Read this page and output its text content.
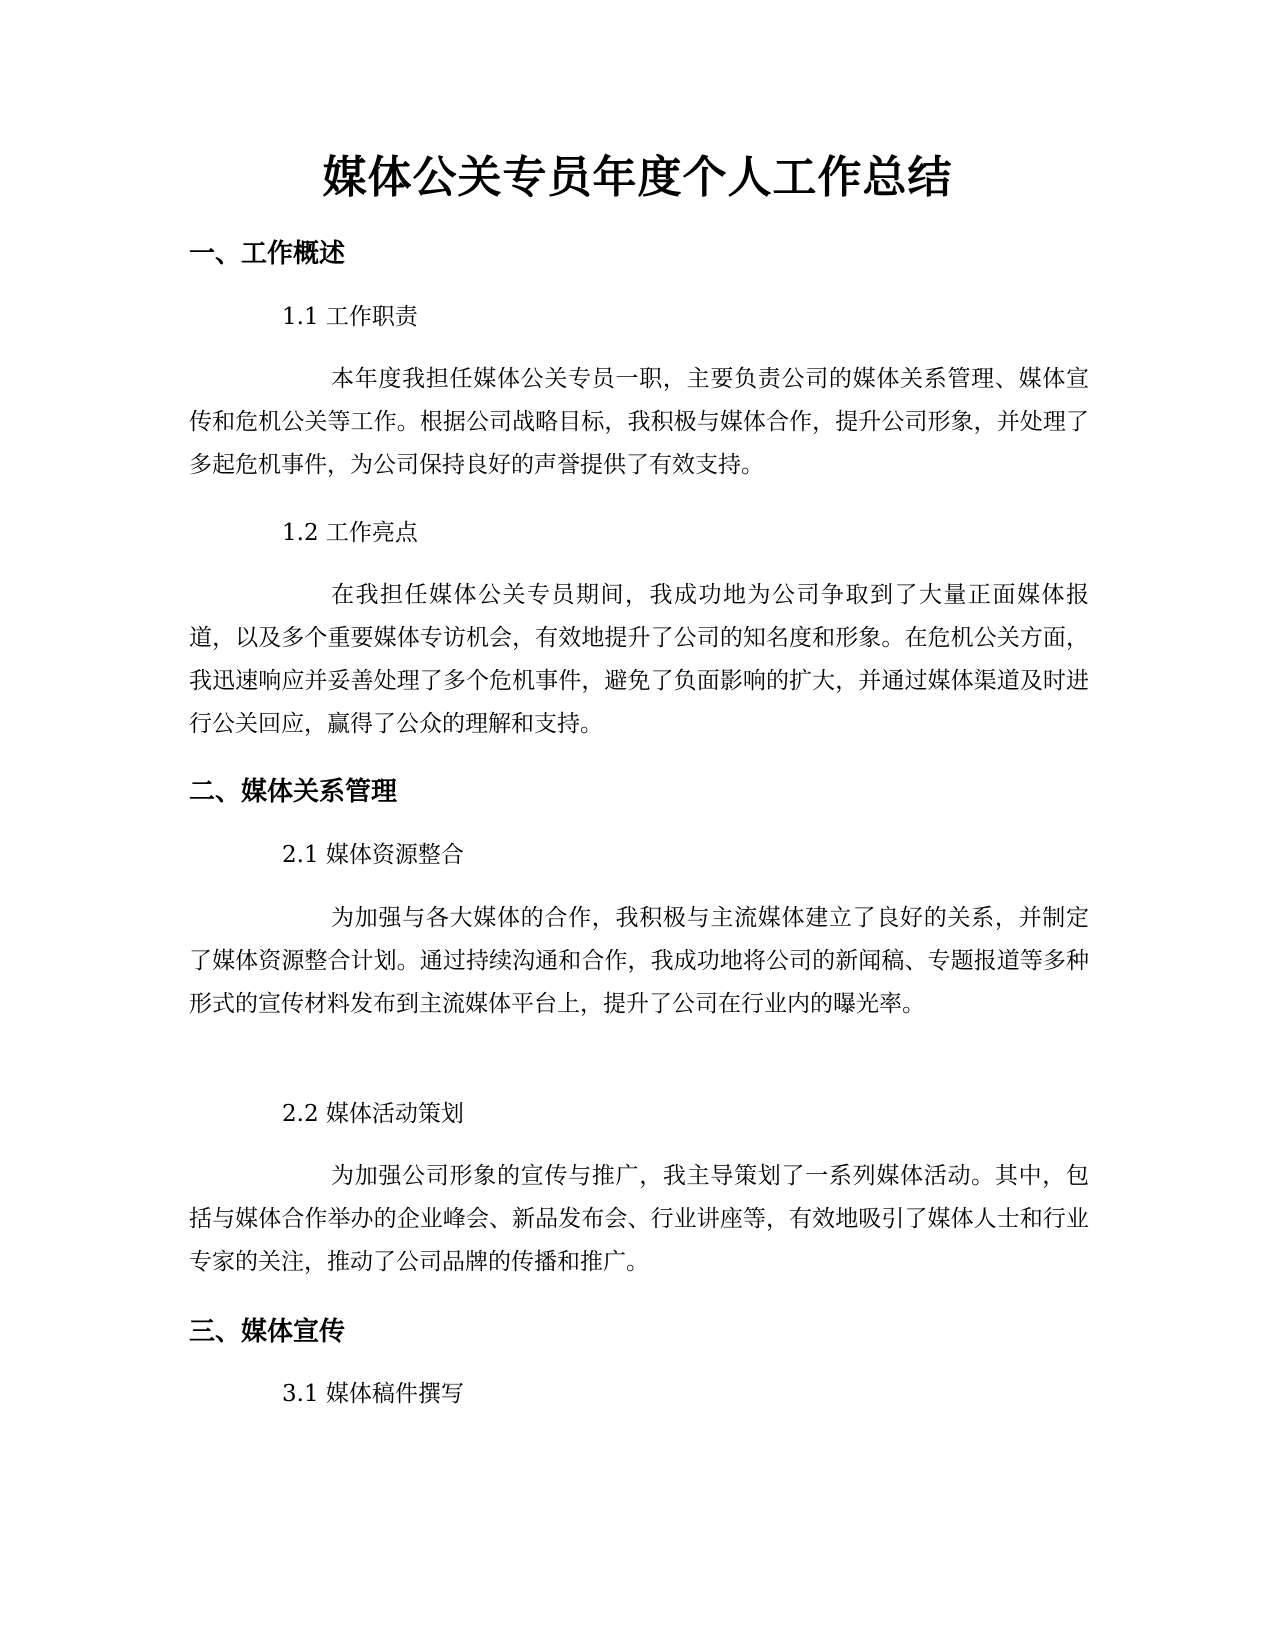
媒体公关专员年度个人工作总结
一、工作概述
1.1 工作职责

本年度我担任媒体公关专员一职，主要负责公司的媒体关系管理、媒体宣传和危机公关等工作。根据公司战略目标，我积极与媒体合作，提升公司形象，并处理了多起危机事件，为公司保持良好的声誉提供了有效支持。

1.2 工作亮点

在我担任媒体公关专员期间，我成功地为公司争取到了大量正面媒体报道，以及多个重要媒体专访机会，有效地提升了公司的知名度和形象。在危机公关方面，我迅速响应并妥善处理了多个危机事件，避免了负面影响的扩大，并通过媒体渠道及时进行公关回应，赢得了公众的理解和支持。

二、媒体关系管理
2.1 媒体资源整合

为加强与各大媒体的合作，我积极与主流媒体建立了良好的关系，并制定了媒体资源整合计划。通过持续沟通和合作，我成功地将公司的新闻稿、专题报道等多种形式的宣传材料发布到主流媒体平台上，提升了公司在行业内的曝光率。

2.2 媒体活动策划

为加强公司形象的宣传与推广，我主导策划了一系列媒体活动。其中，包括与媒体合作举办的企业峰会、新品发布会、行业讲座等，有效地吸引了媒体人士和行业专家的关注，推动了公司品牌的传播和推广。

三、媒体宣传
3.1 媒体稿件撰写
